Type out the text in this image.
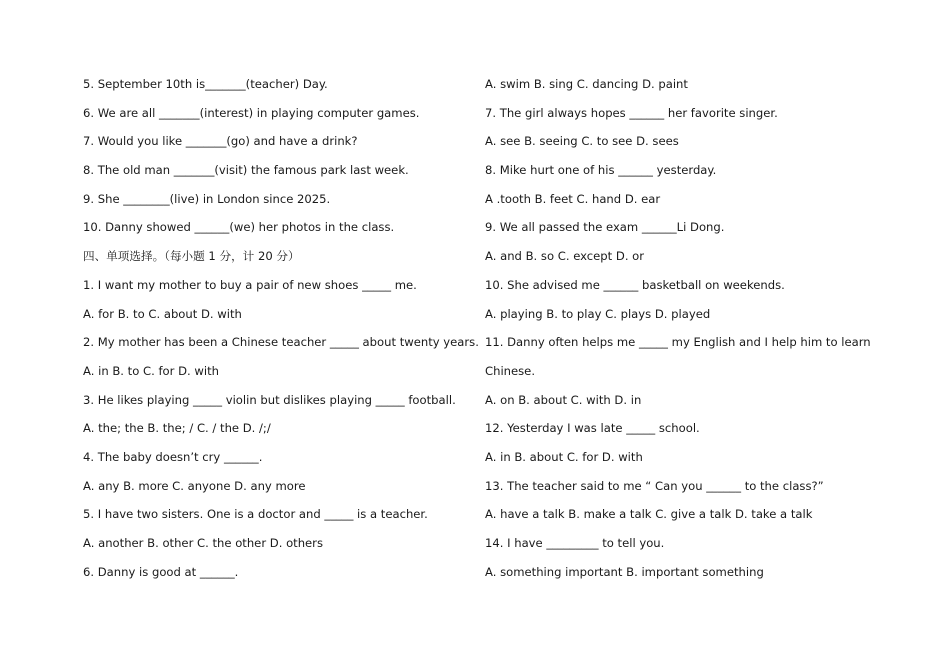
5. September 10th is_______(teacher) Day.
6. We are all _______(interest) in playing computer games.
7. Would you like _______(go) and have a drink?
8. The old man _______(visit) the famous park last week.
9. She ________(live) in London since 2025.
10. Danny showed ______(we) her photos in the class.
四、单项选择。（每小题 1 分，计 20 分）
1. I want my mother to buy a pair of new shoes _____ me.
A. for B. to C. about D. with
2. My mother has been a Chinese teacher _____ about twenty years.
A. in B. to C. for D. with
3. He likes playing _____ violin but dislikes playing _____ football.
A. the; the B. the; / C. / the D. /;/
4. The baby doesn’t cry ______.
A. any B. more C. anyone D. any more
5. I have two sisters. One is a doctor and _____ is a teacher.
A. another B. other C. the other D. others
6. Danny is good at ______.
A. swim B. sing C. dancing D. paint
7. The girl always hopes ______ her favorite singer.
A. see B. seeing C. to see D. sees
8. Mike hurt one of his ______ yesterday.
A .tooth B. feet C. hand D. ear
9. We all passed the exam ______Li Dong.
A. and B. so C. except D. or
10. She advised me ______ basketball on weekends.
A. playing B. to play C. plays D. played
11. Danny often helps me _____ my English and I help him to learn
Chinese.
A. on B. about C. with D. in
12. Yesterday I was late _____ school.
A. in B. about C. for D. with
13. The teacher said to me “ Can you ______ to the class?”
A. have a talk B. make a talk C. give a talk D. take a talk
14. I have _________ to tell you.
A. something important B. important something
